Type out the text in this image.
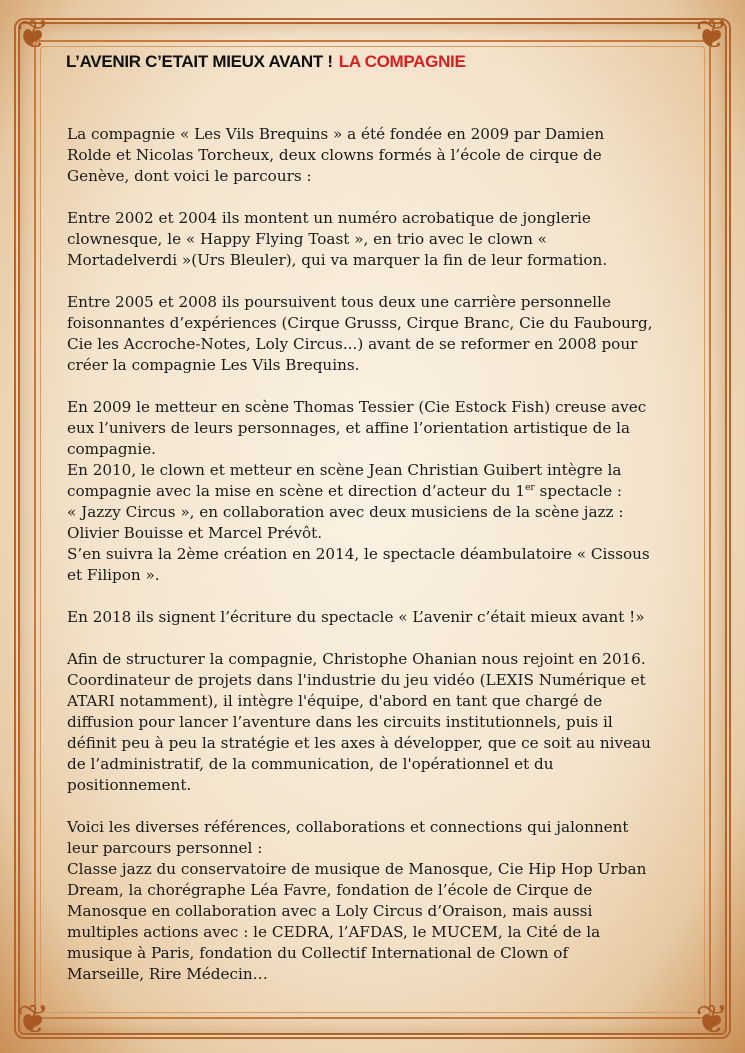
❦	❦
❦	❦
L’AVENIR C’ETAIT MIEUX AVANT ! LA COMPAGNIE

La compagnie « Les Vils Brequins » a été fondée en 2009 par Damien
Rolde et Nicolas Torcheux, deux clowns formés à l’école de cirque de
Genève, dont voici le parcours :

Entre 2002 et 2004 ils montent un numéro acrobatique de jonglerie
clownesque, le « Happy Flying Toast », en trio avec le clown «
Mortadelverdi »(Urs Bleuler), qui va marquer la fin de leur formation.

Entre 2005 et 2008 ils poursuivent tous deux une carrière personnelle
foisonnantes d’expériences (Cirque Grusss, Cirque Branc, Cie du Faubourg,
Cie les Accroche-Notes, Loly Circus...) avant de se reformer en 2008 pour
créer la compagnie Les Vils Brequins.

En 2009 le metteur en scène Thomas Tessier (Cie Estock Fish) creuse avec
eux l’univers de leurs personnages, et affine l’orientation artistique de la
compagnie.
En 2010, le clown et metteur en scène Jean Christian Guibert intègre la
compagnie avec la mise en scène et direction d’acteur du 1er spectacle :
« Jazzy Circus », en collaboration avec deux musiciens de la scène jazz :
Olivier Bouisse et Marcel Prévôt.
S’en suivra la 2ème création en 2014, le spectacle déambulatoire « Cissous
et Filipon ».

En 2018 ils signent l’écriture du spectacle « L’avenir c’était mieux avant !»

Afin de structurer la compagnie, Christophe Ohanian nous rejoint en 2016.
Coordinateur de projets dans l'industrie du jeu vidéo (LEXIS Numérique et
ATARI notamment), il intègre l'équipe, d'abord en tant que chargé de
diffusion pour lancer l’aventure dans les circuits institutionnels, puis il
définit peu à peu la stratégie et les axes à développer, que ce soit au niveau
de l’administratif, de la communication, de l'opérationnel et du
positionnement.

Voici les diverses références, collaborations et connections qui jalonnent
leur parcours personnel :
Classe jazz du conservatoire de musique de Manosque, Cie Hip Hop Urban
Dream, la chorégraphe Léa Favre, fondation de l’école de Cirque de
Manosque en collaboration avec a Loly Circus d’Oraison, mais aussi
multiples actions avec : le CEDRA, l’AFDAS, le MUCEM, la Cité de la
musique à Paris, fondation du Collectif International de Clown of
Marseille, Rire Médecin…
